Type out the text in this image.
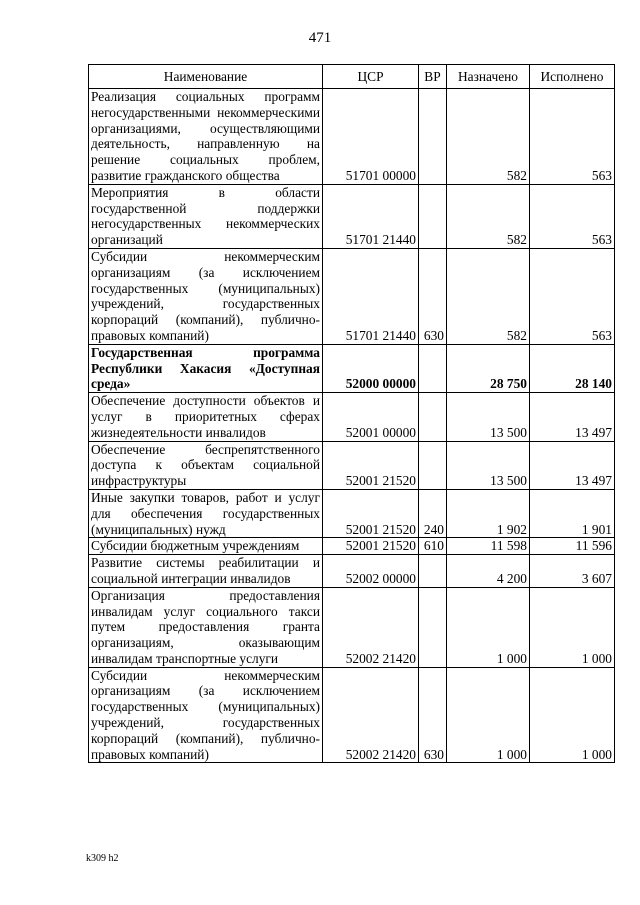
471
Наименование	ЦСР	ВР	Назначено	Исполнено
Реализация социальных программ негосударственными некоммерческими организациями, осуществляющими деятельность, направленную на решение социальных проблем, развитие гражданского общества	51701 00000		582	563
Мероприятия в области государственной поддержки негосударственных некоммерческих организаций	51701 21440		582	563
Субсидии некоммерческим организациям (за исключением государственных (муниципальных) учреждений, государственных корпораций (компаний), публично-правовых компаний)	51701 21440	630	582	563
Государственная программа Республики Хакасия «Доступная среда»	52000 00000		28 750	28 140
Обеспечение доступности объектов и услуг в приоритетных сферах жизнедеятельности инвалидов	52001 00000		13 500	13 497
Обеспечение беспрепятственного доступа к объектам социальной инфраструктуры	52001 21520		13 500	13 497
Иные закупки товаров, работ и услуг для обеспечения государственных (муниципальных) нужд	52001 21520	240	1 902	1 901
Субсидии бюджетным учреждениям	52001 21520	610	11 598	11 596
Развитие системы реабилитации и социальной интеграции инвалидов	52002 00000		4 200	3 607
Организация предоставления инвалидам услуг социального такси путем предоставления гранта организациям, оказывающим инвалидам транспортные услуги	52002 21420		1 000	1 000
Субсидии некоммерческим организациям (за исключением государственных (муниципальных) учреждений, государственных корпораций (компаний), публично-правовых компаний)	52002 21420	630	1 000	1 000
k309 h2
